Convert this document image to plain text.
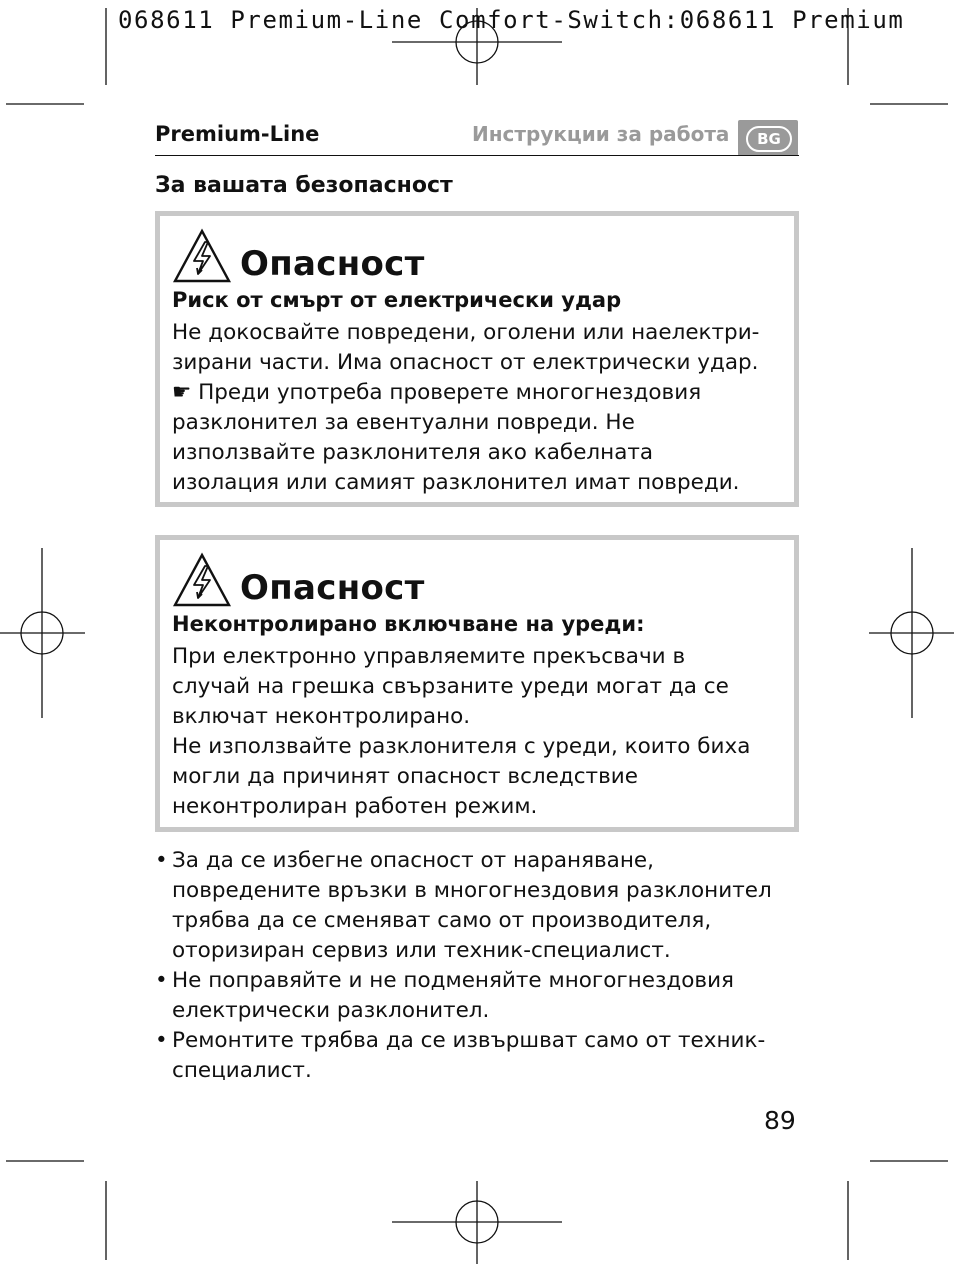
068611 Premium-Line Comfort-Switch:068611 Premium
Premium-Line	Инструкции за работа	BG
За вашата безопасност
Опасност
Риск от смърт от електрически удар
Не докосвайте повредени, оголени или наелектри-
зирани части. Има опасност от електрически удар.
☛ Преди употреба проверете многогнездовия
разклонител за евентуални повреди. Не
използвайте разклонителя ако кабелната
изолация или самият разклонител имат повреди.
Опасност
Неконтролирано включване на уреди:
При електронно управляемите прекъсвачи в
случай на грешка свързаните уреди могат да се
включат неконтролирано.
Не използвайте разклонителя с уреди, които биха
могли да причинят опасност вследствие
неконтролиран работен режим.
• За да се избегне опасност от нараняване,
повредените връзки в многогнездовия разклонител
трябва да се сменяват само от производителя,
оторизиран сервиз или техник-специалист.
• Не поправяйте и не подменяйте многогнездовия
електрически разклонител.
• Ремонтите трябва да се извършват само от техник-
специалист.
89
